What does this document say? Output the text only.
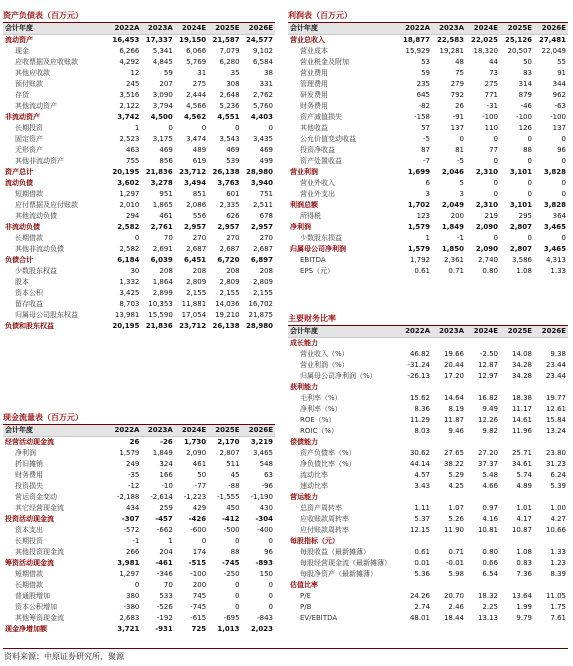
资产负债表（百万元）
会计年度	2022A	2023A	2024E	2025E	2026E
流动资产	16,453	17,337	19,150	21,587	24,577
现金	6,266	5,341	6,066	7,079	9,102
应收票据及应收账款	4,292	4,845	5,769	6,280	6,584
其他应收款	12	59	31	35	38
预付账款	245	207	275	308	331
存货	3,516	3,090	2,444	2,648	2,762
其他流动资产	2,122	3,794	4,566	5,236	5,760
非流动资产	3,742	4,500	4,562	4,551	4,403
长期投资	1	0	0	0	0
固定资产	2,523	3,175	3,474	3,543	3,435
无形资产	463	469	489	469	469
其他非流动资产	755	856	619	539	499
资产总计	20,195	21,836	23,712	26,138	28,980
流动负债	3,602	3,278	3,494	3,763	3,940
短期借款	1,297	951	851	601	751
应付票据及应付账款	2,010	1,865	2,086	2,335	2,511
其他流动负债	294	461	556	626	678
非流动负债	2,582	2,761	2,957	2,957	2,957
长期借款	0	70	270	270	270
其他非流动负债	2,582	2,691	2,687	2,687	2,687
负债合计	6,184	6,039	6,451	6,720	6,897
少数股东权益	30	208	208	208	208
股本	1,332	1,864	2,809	2,809	2,809
资本公积	3,425	2,899	2,155	2,155	2,155
留存收益	8,703	10,353	11,881	14,036	16,702
归属母公司股东权益	13,981	15,590	17,054	19,210	21,875
负债和股东权益	20,195	21,836	23,712	26,138	28,980
利润表（百万元）
会计年度	2022A	2023A	2024E	2025E	2026E
营业总收入	18,877	22,583	22,025	25,126	27,481
营业成本	15,929	19,281	18,320	20,507	22,049
营业税金及附加	53	48	44	50	55
营业费用	59	75	73	83	91
管理费用	235	279	275	314	344
研发费用	645	792	771	879	962
财务费用	-82	26	-31	-46	-63
资产减值损失	-158	-91	-100	-100	-100
其他收益	57	137	110	126	137
公允价值变动收益	-5	0	0	0	0
投资净收益	87	81	77	88	96
资产处置收益	-7	-5	0	0	0
营业利润	1,699	2,046	2,310	3,101	3,828
营业外收入	6	5	0	0	0
营业外支出	3	3	0	0	0
利润总额	1,702	2,049	2,310	3,101	3,828
所得税	123	200	219	295	364
净利润	1,579	1,849	2,090	2,807	3,465
少数股东损益	1	-1	0	0	0
归属母公司净利润	1,579	1,850	2,090	2,807	3,465
EBITDA	1,792	2,361	2,740	3,586	4,313
EPS（元）	0.61	0.71	0.80	1.08	1.33
现金流量表（百万元）
会计年度	2022A	2023A	2024E	2025E	2026E
经营活动现金流	26	-26	1,730	2,170	3,219
净利润	1,579	1,849	2,090	2,807	3,465
折旧摊销	249	324	461	511	548
财务费用	-35	166	50	45	63
投资损失	-12	-10	-77	-88	-96
营运资金变动	-2,188	-2,614	-1,223	-1,555	-1,190
其它经营现金流	434	259	429	450	430
投资活动现金流	-307	-457	-426	-412	-304
资本支出	-572	-662	-600	-500	-400
长期投资	-1	1	0	0	0
其他投资现金流	266	204	174	88	96
筹资活动现金流	3,981	-461	-515	-745	-893
短期借款	1,297	-346	-100	-250	150
长期借款	0	70	200	0	0
普通股增加	380	533	745	0	0
资本公积增加	-380	-526	-745	0	0
其他筹资现金流	2,683	-192	-615	-695	-843
现金净增加额	3,721	-931	725	1,013	2,023
主要财务比率
会计年度	2022A	2023A	2024E	2025E	2026E
成长能力					
营业收入（%）	46.82	19.66	-2.50	14.08	9.38
营业利润（%）	-31.24	20.44	12.87	34.28	23.44
归属母公司净利润（%）	-26.13	17.20	12.97	34.28	23.44
获利能力					
毛利率（%）	15.62	14.64	16.82	18.38	19.77
净利率（%）	8.36	8.19	9.49	11.17	12.61
ROE（%）	11.29	11.87	12.26	14.61	15.84
ROIC（%）	8.03	9.46	9.82	11.96	13.24
偿债能力					
资产负债率（%）	30.62	27.65	27.20	25.71	23.80
净负债比率（%）	44.14	38.22	37.37	34.61	31.23
流动比率	4.57	5.29	5.48	5.74	6.24
速动比率	3.43	4.25	4.66	4.89	5.39
营运能力					
总资产周转率	1.11	1.07	0.97	1.01	1.00
应收账款周转率	5.37	5.26	4.16	4.17	4.27
应付账款周转率	12.15	11.90	10.81	10.87	10.66
每股指标（元）					
每股收益（最新摊薄）	0.61	0.71	0.80	1.08	1.33
每股经营现金流（最新摊薄）	0.01	-0.01	0.66	0.83	1.23
每股净资产（最新摊薄）	5.36	5.98	6.54	7.36	8.39
估值比率					
P/E	24.26	20.70	18.32	13.64	11.05
P/B	2.74	2.46	2.25	1.99	1.75
EV/EBITDA	48.01	18.44	13.13	9.79	7.61
资料来源：中原证券研究所，聚源
